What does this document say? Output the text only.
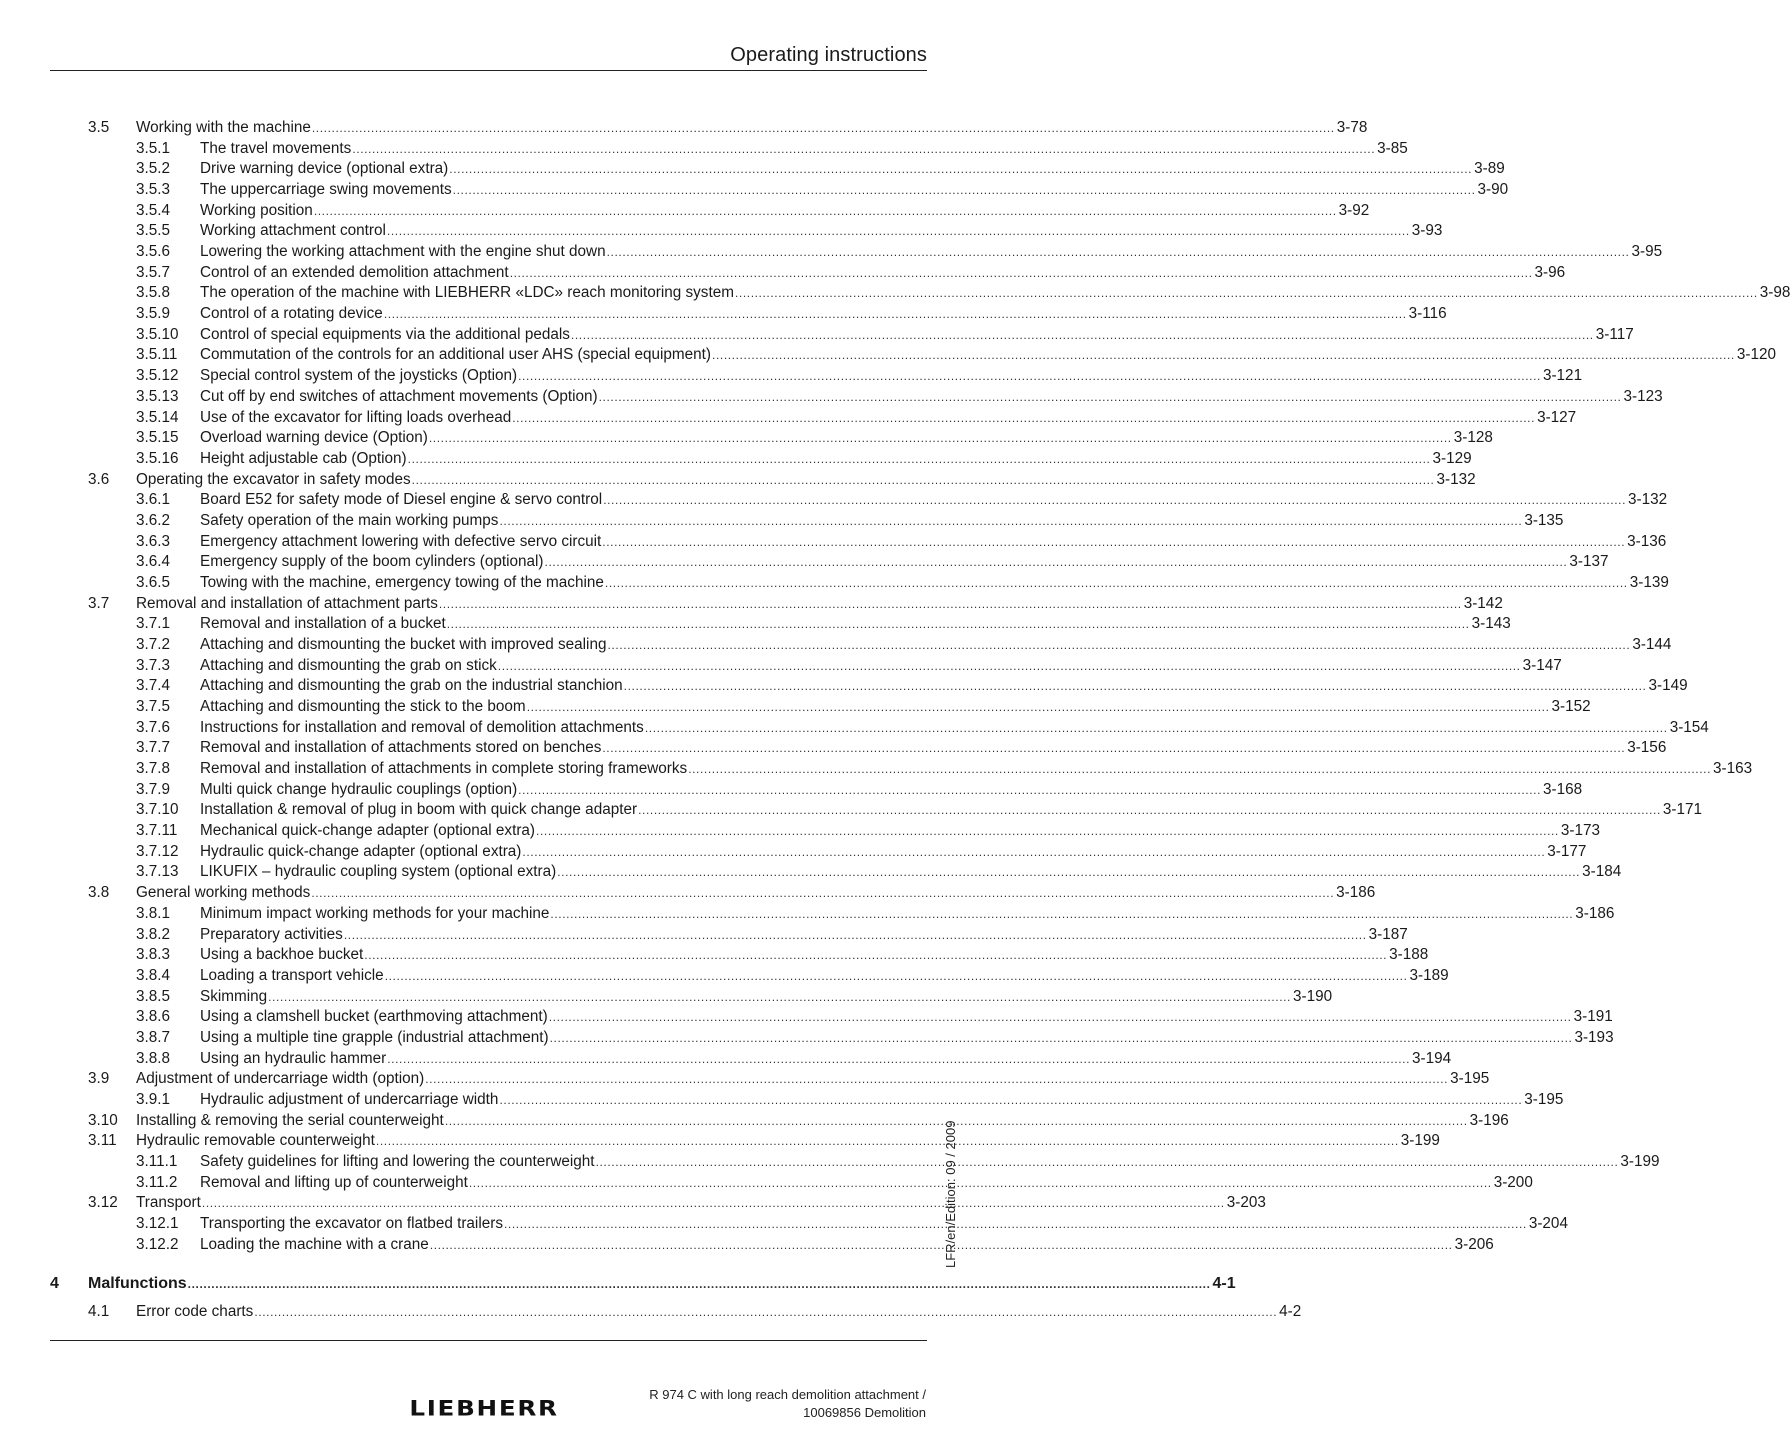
Operating instructions
3.5 Working with the machine .................................................................................................................................................................................................................................................................... 3-78
3.5.1 The travel movements .................................................................................................................................................................................................................................................................... 3-85
3.5.2 Drive warning device (optional extra) .................................................................................................................................................................................................................................................................... 3-89
3.5.3 The uppercarriage swing movements .................................................................................................................................................................................................................................................................... 3-90
3.5.4 Working position .................................................................................................................................................................................................................................................................... 3-92
3.5.5 Working attachment control .................................................................................................................................................................................................................................................................... 3-93
3.5.6 Lowering the working attachment with the engine shut down .................................................................................................................................................................................................................................................................... 3-95
3.5.7 Control of an extended demolition attachment .................................................................................................................................................................................................................................................................... 3-96
3.5.8 The operation of the machine with LIEBHERR «LDC» reach monitoring system .................................................................................................................................................................................................................................................................... 3-98
3.5.9 Control of a rotating device .................................................................................................................................................................................................................................................................... 3-116
3.5.10 Control of special equipments via the additional pedals .................................................................................................................................................................................................................................................................... 3-117
3.5.11 Commutation of the controls for an additional user AHS (special equipment) .................................................................................................................................................................................................................................................................... 3-120
3.5.12 Special control system of the joysticks (Option) .................................................................................................................................................................................................................................................................... 3-121
3.5.13 Cut off by end switches of attachment movements (Option) .................................................................................................................................................................................................................................................................... 3-123
3.5.14 Use of the excavator for lifting loads overhead .................................................................................................................................................................................................................................................................... 3-127
3.5.15 Overload warning device (Option) .................................................................................................................................................................................................................................................................... 3-128
3.5.16 Height adjustable cab (Option) .................................................................................................................................................................................................................................................................... 3-129
3.6 Operating the excavator in safety modes .................................................................................................................................................................................................................................................................... 3-132
3.6.1 Board E52 for safety mode of Diesel engine & servo control .................................................................................................................................................................................................................................................................... 3-132
3.6.2 Safety operation of the main working pumps .................................................................................................................................................................................................................................................................... 3-135
3.6.3 Emergency attachment lowering with defective servo circuit .................................................................................................................................................................................................................................................................... 3-136
3.6.4 Emergency supply of the boom cylinders (optional) .................................................................................................................................................................................................................................................................... 3-137
3.6.5 Towing with the machine, emergency towing of the machine .................................................................................................................................................................................................................................................................... 3-139
3.7 Removal and installation of attachment parts .................................................................................................................................................................................................................................................................... 3-142
3.7.1 Removal and installation of a bucket .................................................................................................................................................................................................................................................................... 3-143
3.7.2 Attaching and dismounting the bucket with improved sealing .................................................................................................................................................................................................................................................................... 3-144
3.7.3 Attaching and dismounting the grab on stick .................................................................................................................................................................................................................................................................... 3-147
3.7.4 Attaching and dismounting the grab on the industrial stanchion .................................................................................................................................................................................................................................................................... 3-149
3.7.5 Attaching and dismounting the stick to the boom .................................................................................................................................................................................................................................................................... 3-152
3.7.6 Instructions for installation and removal of demolition attachments .................................................................................................................................................................................................................................................................... 3-154
3.7.7 Removal and installation of attachments stored on benches .................................................................................................................................................................................................................................................................... 3-156
3.7.8 Removal and installation of attachments in complete storing frameworks .................................................................................................................................................................................................................................................................... 3-163
3.7.9 Multi quick change hydraulic couplings (option) .................................................................................................................................................................................................................................................................... 3-168
3.7.10 Installation & removal of plug in boom with quick change adapter .................................................................................................................................................................................................................................................................... 3-171
3.7.11 Mechanical quick-change adapter (optional extra) .................................................................................................................................................................................................................................................................... 3-173
3.7.12 Hydraulic quick-change adapter (optional extra) .................................................................................................................................................................................................................................................................... 3-177
3.7.13 LIKUFIX – hydraulic coupling system (optional extra) .................................................................................................................................................................................................................................................................... 3-184
3.8 General working methods .................................................................................................................................................................................................................................................................... 3-186
3.8.1 Minimum impact working methods for your machine .................................................................................................................................................................................................................................................................... 3-186
3.8.2 Preparatory activities .................................................................................................................................................................................................................................................................... 3-187
3.8.3 Using a backhoe bucket .................................................................................................................................................................................................................................................................... 3-188
3.8.4 Loading a transport vehicle .................................................................................................................................................................................................................................................................... 3-189
3.8.5 Skimming .................................................................................................................................................................................................................................................................... 3-190
3.8.6 Using a clamshell bucket (earthmoving attachment) .................................................................................................................................................................................................................................................................... 3-191
3.8.7 Using a multiple tine grapple (industrial attachment) .................................................................................................................................................................................................................................................................... 3-193
3.8.8 Using an hydraulic hammer .................................................................................................................................................................................................................................................................... 3-194
3.9 Adjustment of undercarriage width (option) .................................................................................................................................................................................................................................................................... 3-195
3.9.1 Hydraulic adjustment of undercarriage width .................................................................................................................................................................................................................................................................... 3-195
3.10 Installing & removing the serial counterweight .................................................................................................................................................................................................................................................................... 3-196
3.11 Hydraulic removable counterweight .................................................................................................................................................................................................................................................................... 3-199
3.11.1 Safety guidelines for lifting and lowering the counterweight .................................................................................................................................................................................................................................................................... 3-199
3.11.2 Removal and lifting up of counterweight .................................................................................................................................................................................................................................................................... 3-200
3.12 Transport .................................................................................................................................................................................................................................................................... 3-203
3.12.1 Transporting the excavator on flatbed trailers .................................................................................................................................................................................................................................................................... 3-204
3.12.2 Loading the machine with a crane .................................................................................................................................................................................................................................................................... 3-206
4 Malfunctions .................................................................................................................................................................................................................................................................... 4-1
4.1 Error code charts .................................................................................................................................................................................................................................................................... 4-2
LFR/en/Edition: 09 / 2009
LIEBHERR
R 974 C with long reach demolition attachment /
10069856 Demolition
